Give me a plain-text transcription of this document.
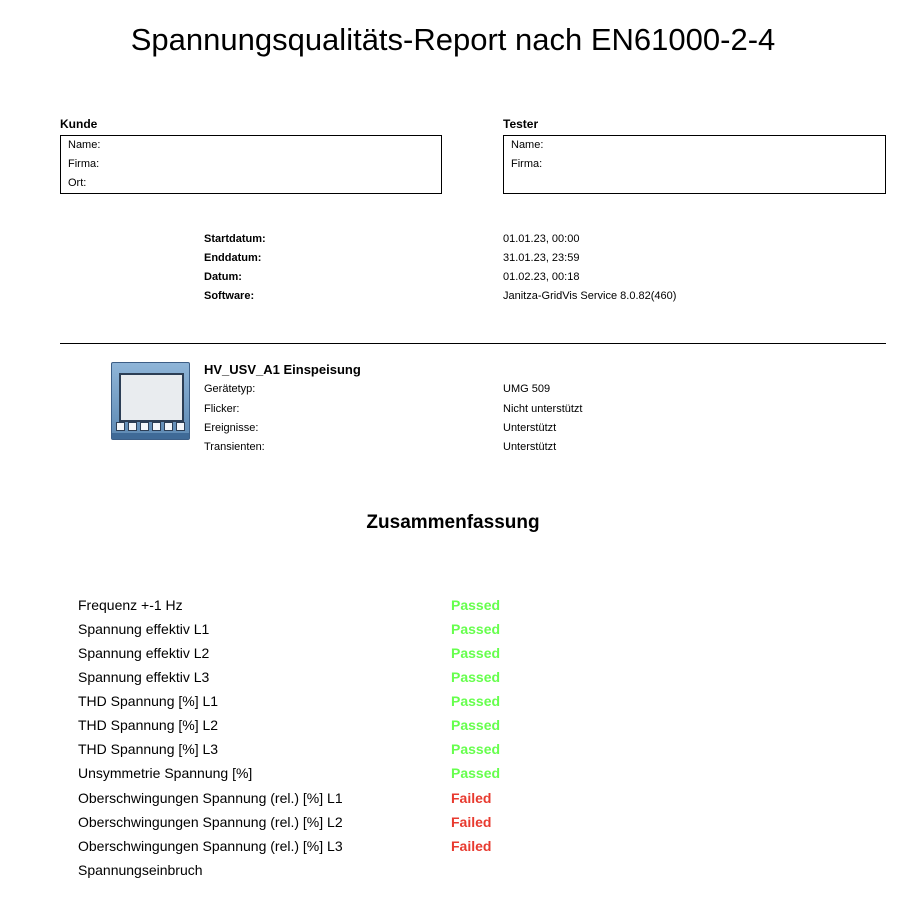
Spannungsqualitäts-Report nach EN61000-2-4
Kunde
Name:
Firma:
Ort:
Tester
Name:
Firma:
Startdatum:	01.01.23, 00:00
Enddatum:	31.01.23, 23:59
Datum:	01.02.23, 00:18
Software:	Janitza-GridVis Service 8.0.82(460)
HV_USV_A1 Einspeisung
Gerätetyp:	UMG 509
Flicker:	Nicht unterstützt
Ereignisse:	Unterstützt
Transienten:	Unterstützt
Zusammenfassung
Frequenz +-1 Hz	Passed
Spannung effektiv L1	Passed
Spannung effektiv L2	Passed
Spannung effektiv L3	Passed
THD Spannung [%] L1	Passed
THD Spannung [%] L2	Passed
THD Spannung [%] L3	Passed
Unsymmetrie Spannung [%]	Passed
Oberschwingungen Spannung (rel.) [%] L1	Failed
Oberschwingungen Spannung (rel.) [%] L2	Failed
Oberschwingungen Spannung (rel.) [%] L3	Failed
Spannungseinbruch
